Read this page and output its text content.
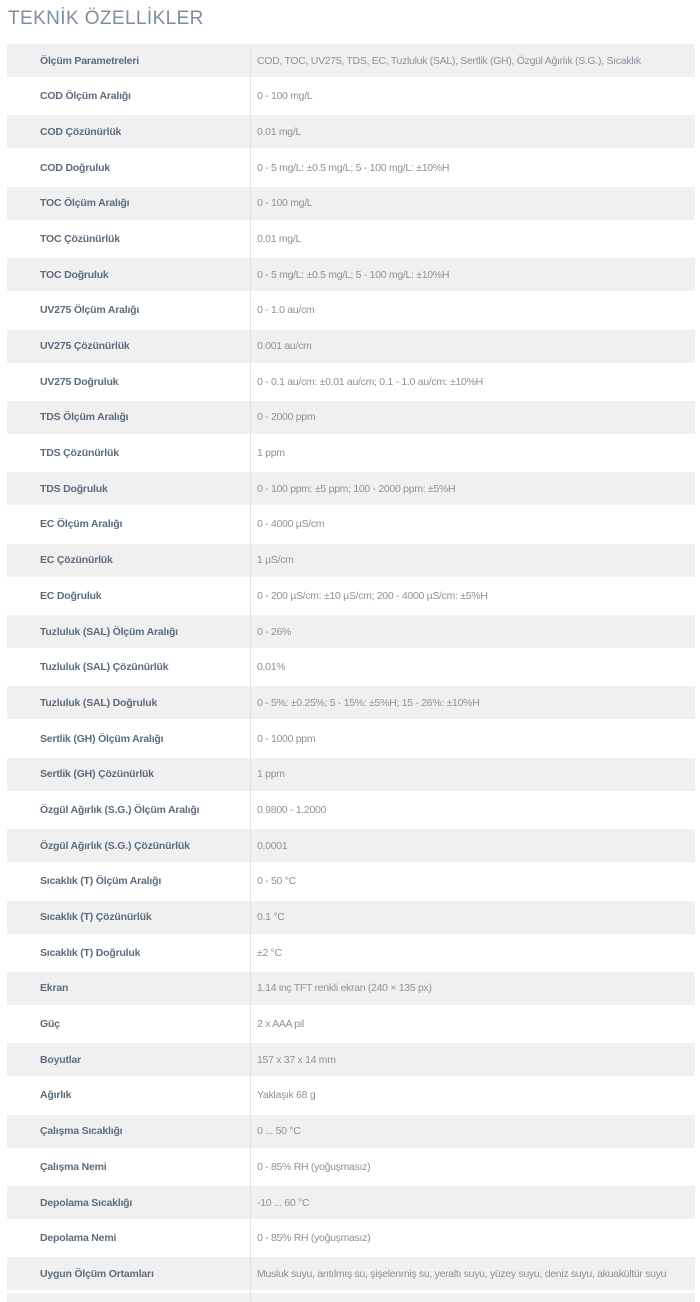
TEKNİK ÖZELLİKLER
Ölçüm Parametreleri	COD, TOC, UV275, TDS, EC, Tuzluluk (SAL), Sertlik (GH), Özgül Ağırlık (S.G.), Sıcaklık
COD Ölçüm Aralığı	0 - 100 mg/L
COD Çözünürlük	0.01 mg/L
COD Doğruluk	0 - 5 mg/L: ±0.5 mg/L; 5 - 100 mg/L: ±10%H
TOC Ölçüm Aralığı	0 - 100 mg/L
TOC Çözünürlük	0.01 mg/L
TOC Doğruluk	0 - 5 mg/L: ±0.5 mg/L; 5 - 100 mg/L: ±10%H
UV275 Ölçüm Aralığı	0 - 1.0 au/cm
UV275 Çözünürlük	0.001 au/cm
UV275 Doğruluk	0 - 0.1 au/cm: ±0.01 au/cm; 0.1 - 1.0 au/cm: ±10%H
TDS Ölçüm Aralığı	0 - 2000 ppm
TDS Çözünürlük	1 ppm
TDS Doğruluk	0 - 100 ppm: ±5 ppm; 100 - 2000 ppm: ±5%H
EC Ölçüm Aralığı	0 - 4000 µS/cm
EC Çözünürlük	1 µS/cm
EC Doğruluk	0 - 200 µS/cm: ±10 µS/cm; 200 - 4000 µS/cm: ±5%H
Tuzluluk (SAL) Ölçüm Aralığı	0 - 26%
Tuzluluk (SAL) Çözünürlük	0.01%
Tuzluluk (SAL) Doğruluk	0 - 5%: ±0.25%; 5 - 15%: ±5%H; 15 - 26%: ±10%H
Sertlik (GH) Ölçüm Aralığı	0 - 1000 ppm
Sertlik (GH) Çözünürlük	1 ppm
Özgül Ağırlık (S.G.) Ölçüm Aralığı	0.9800 - 1.2000
Özgül Ağırlık (S.G.) Çözünürlük	0.0001
Sıcaklık (T) Ölçüm Aralığı	0 - 50 °C
Sıcaklık (T) Çözünürlük	0.1 °C
Sıcaklık (T) Doğruluk	±2 °C
Ekran	1.14 inç TFT renkli ekran (240 × 135 px)
Güç	2 x AAA pil
Boyutlar	157 x 37 x 14 mm
Ağırlık	Yaklaşık 68 g
Çalışma Sıcaklığı	0 ... 50 °C
Çalışma Nemi	0 - 85% RH (yoğuşmasız)
Depolama Sıcaklığı	-10 ... 60 °C
Depolama Nemi	0 - 85% RH (yoğuşmasız)
Uygun Ölçüm Ortamları	Musluk suyu, arıtılmış su, şişelenmiş su, yeraltı suyu, yüzey suyu, deniz suyu, akuakültür suyu
